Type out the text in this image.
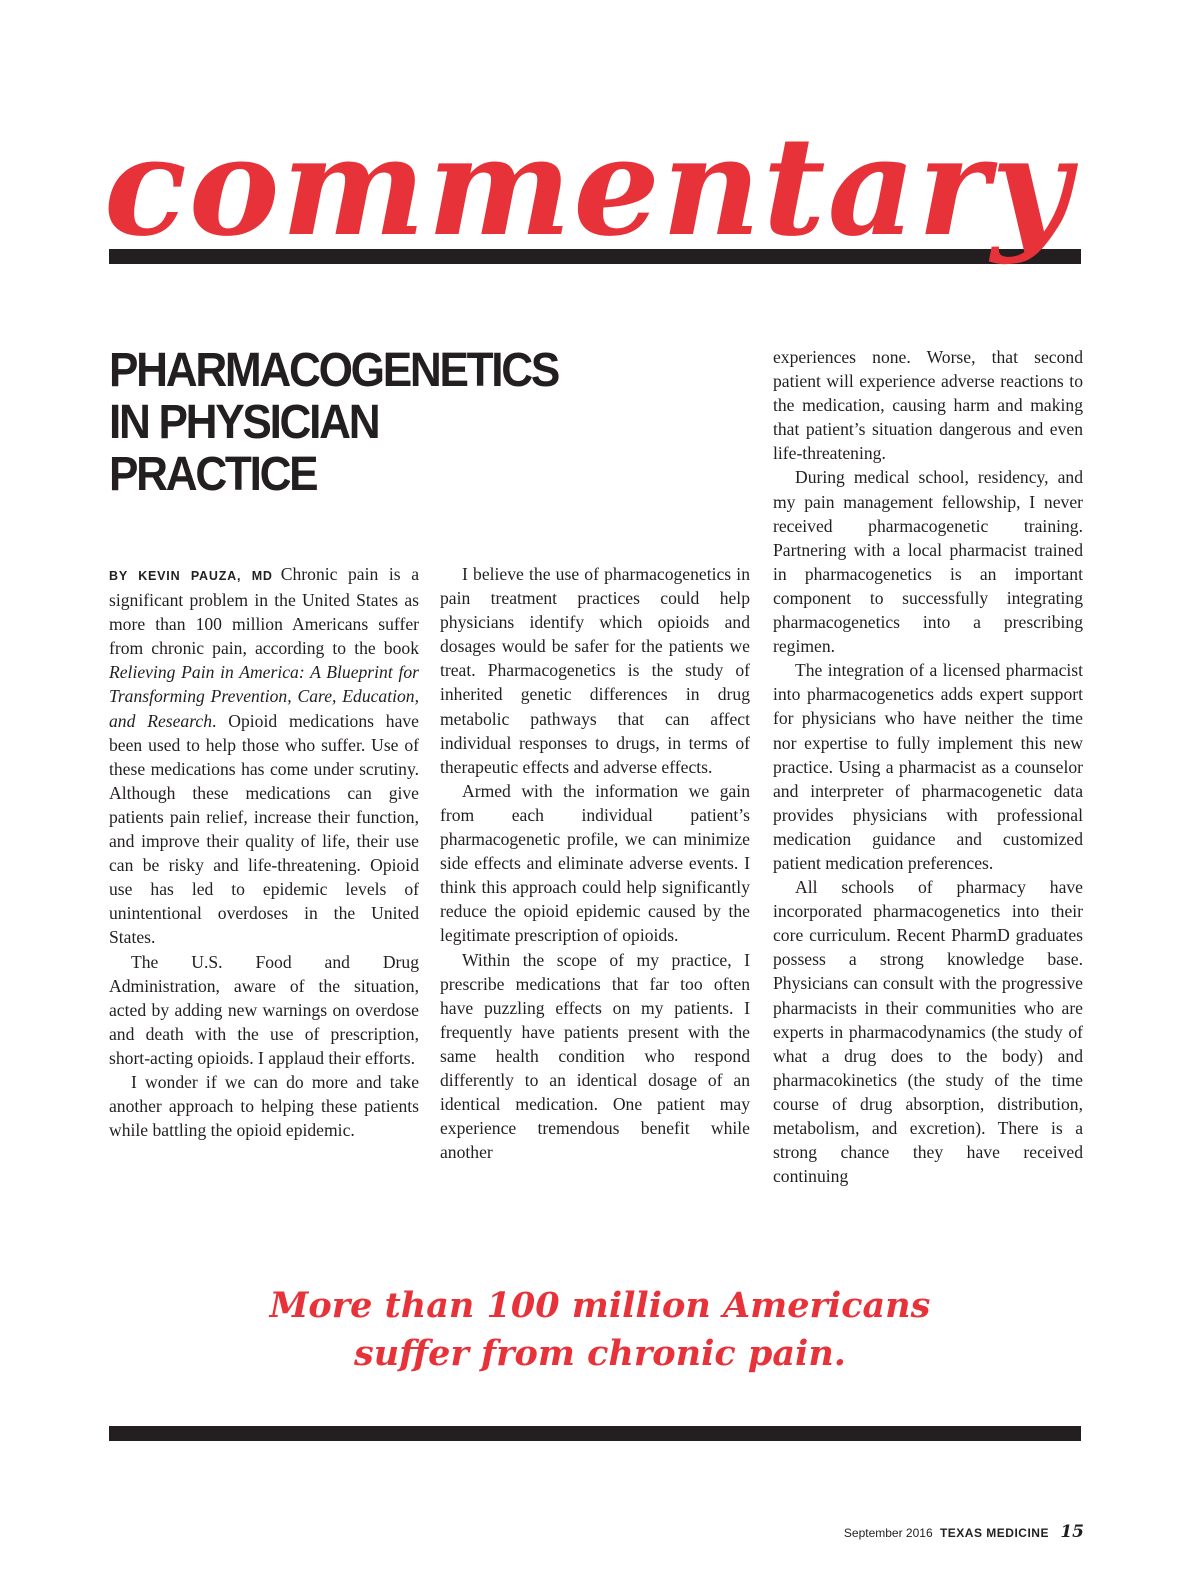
commentary
PHARMACOGENETICS IN PHYSICIAN PRACTICE

BY KEVIN PAUZA, MD Chronic pain is a significant problem in the United States as more than 100 million Americans suffer from chronic pain, according to the book Relieving Pain in America: A Blueprint for Transforming Prevention, Care, Education, and Research. Opioid medications have been used to help those who suffer. Use of these medications has come under scrutiny. Although these medications can give patients pain relief, increase their function, and improve their quality of life, their use can be risky and life-threatening. Opioid use has led to epidemic levels of unintentional overdoses in the United States.

The U.S. Food and Drug Administration, aware of the situation, acted by adding new warnings on overdose and death with the use of prescription, short-acting opioids. I applaud their efforts.

I wonder if we can do more and take another approach to helping these patients while battling the opioid epidemic.

I believe the use of pharmacogenetics in pain treatment practices could help physicians identify which opioids and dosages would be safer for the patients we treat. Pharmacogenetics is the study of inherited genetic differences in drug metabolic pathways that can affect individual responses to drugs, in terms of therapeutic effects and adverse effects.

Armed with the information we gain from each individual patient’s pharmacogenetic profile, we can minimize side effects and eliminate adverse events. I think this approach could help significantly reduce the opioid epidemic caused by the legitimate prescription of opioids.

Within the scope of my practice, I prescribe medications that far too often have puzzling effects on my patients. I frequently have patients present with the same health condition who respond differently to an identical dosage of an identical medication. One patient may experience tremendous benefit while another

experiences none. Worse, that second patient will experience adverse reactions to the medication, causing harm and making that patient’s situation dangerous and even life-threatening.

During medical school, residency, and my pain management fellowship, I never received pharmacogenetic training. Partnering with a local pharmacist trained in pharmacogenetics is an important component to successfully integrating pharmacogenetics into a prescribing regimen.

The integration of a licensed pharmacist into pharmacogenetics adds expert support for physicians who have neither the time nor expertise to fully implement this new practice. Using a pharmacist as a counselor and interpreter of pharmacogenetic data provides physicians with professional medication guidance and customized patient medication preferences.

All schools of pharmacy have incorporated pharmacogenetics into their core curriculum. Recent PharmD graduates possess a strong knowledge base. Physicians can consult with the progressive pharmacists in their communities who are experts in pharmacodynamics (the study of what a drug does to the body) and pharmacokinetics (the study of the time course of drug absorption, distribution, metabolism, and excretion). There is a strong chance they have received continuing

More than 100 million Americans
suffer from chronic pain.
September 2016 TEXAS MEDICINE 15
